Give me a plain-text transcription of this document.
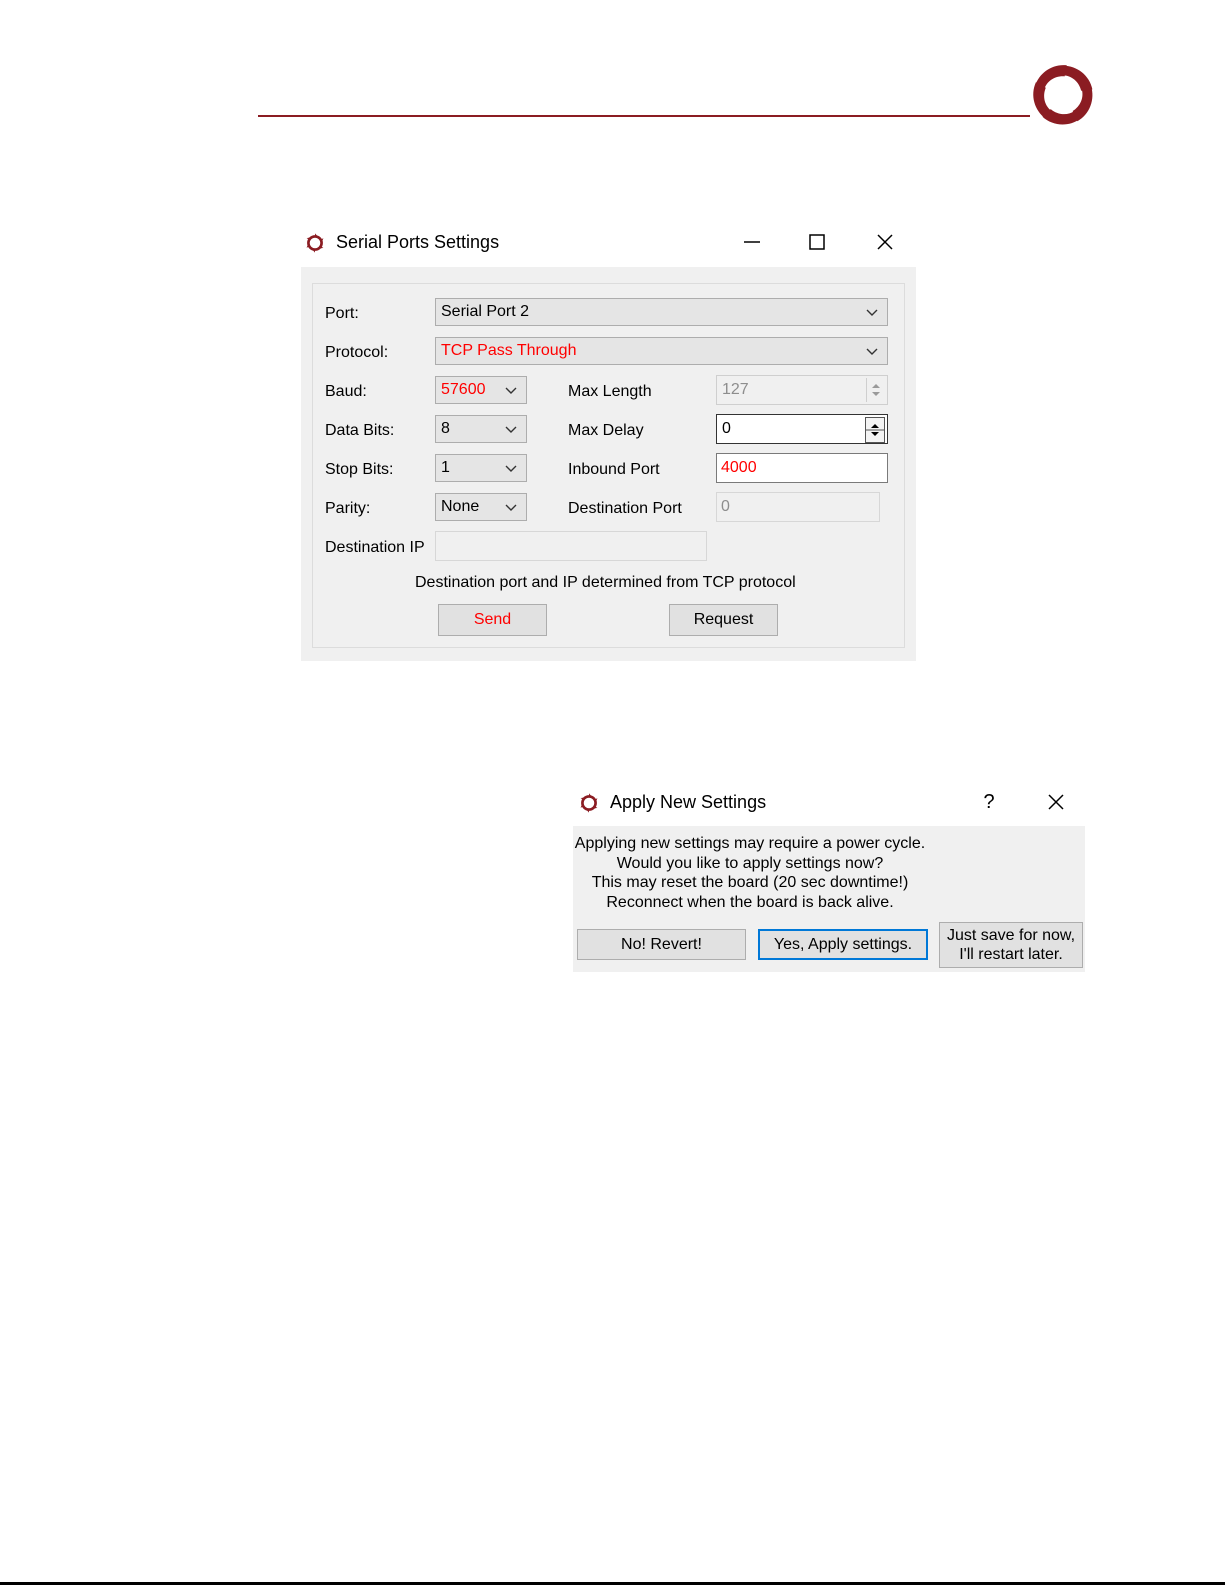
Serial Ports Settings
Port:	Serial Port 2
Protocol:	TCP Pass Through
Baud:	57600	Max Length	127
Data Bits:	8	Max Delay	0
Stop Bits:	1	Inbound Port	4000
Parity:	None	Destination Port 0
Destination IP
Destination port and IP determined from TCP protocol
Send	Request
Apply New Settings	?
Applying new settings may require a power cycle.
Would you like to apply settings now?
This may reset the board (20 sec downtime!)
Reconnect when the board is back alive.
No! Revert!	Yes, Apply settings. Just save for now,
I'll restart later.
